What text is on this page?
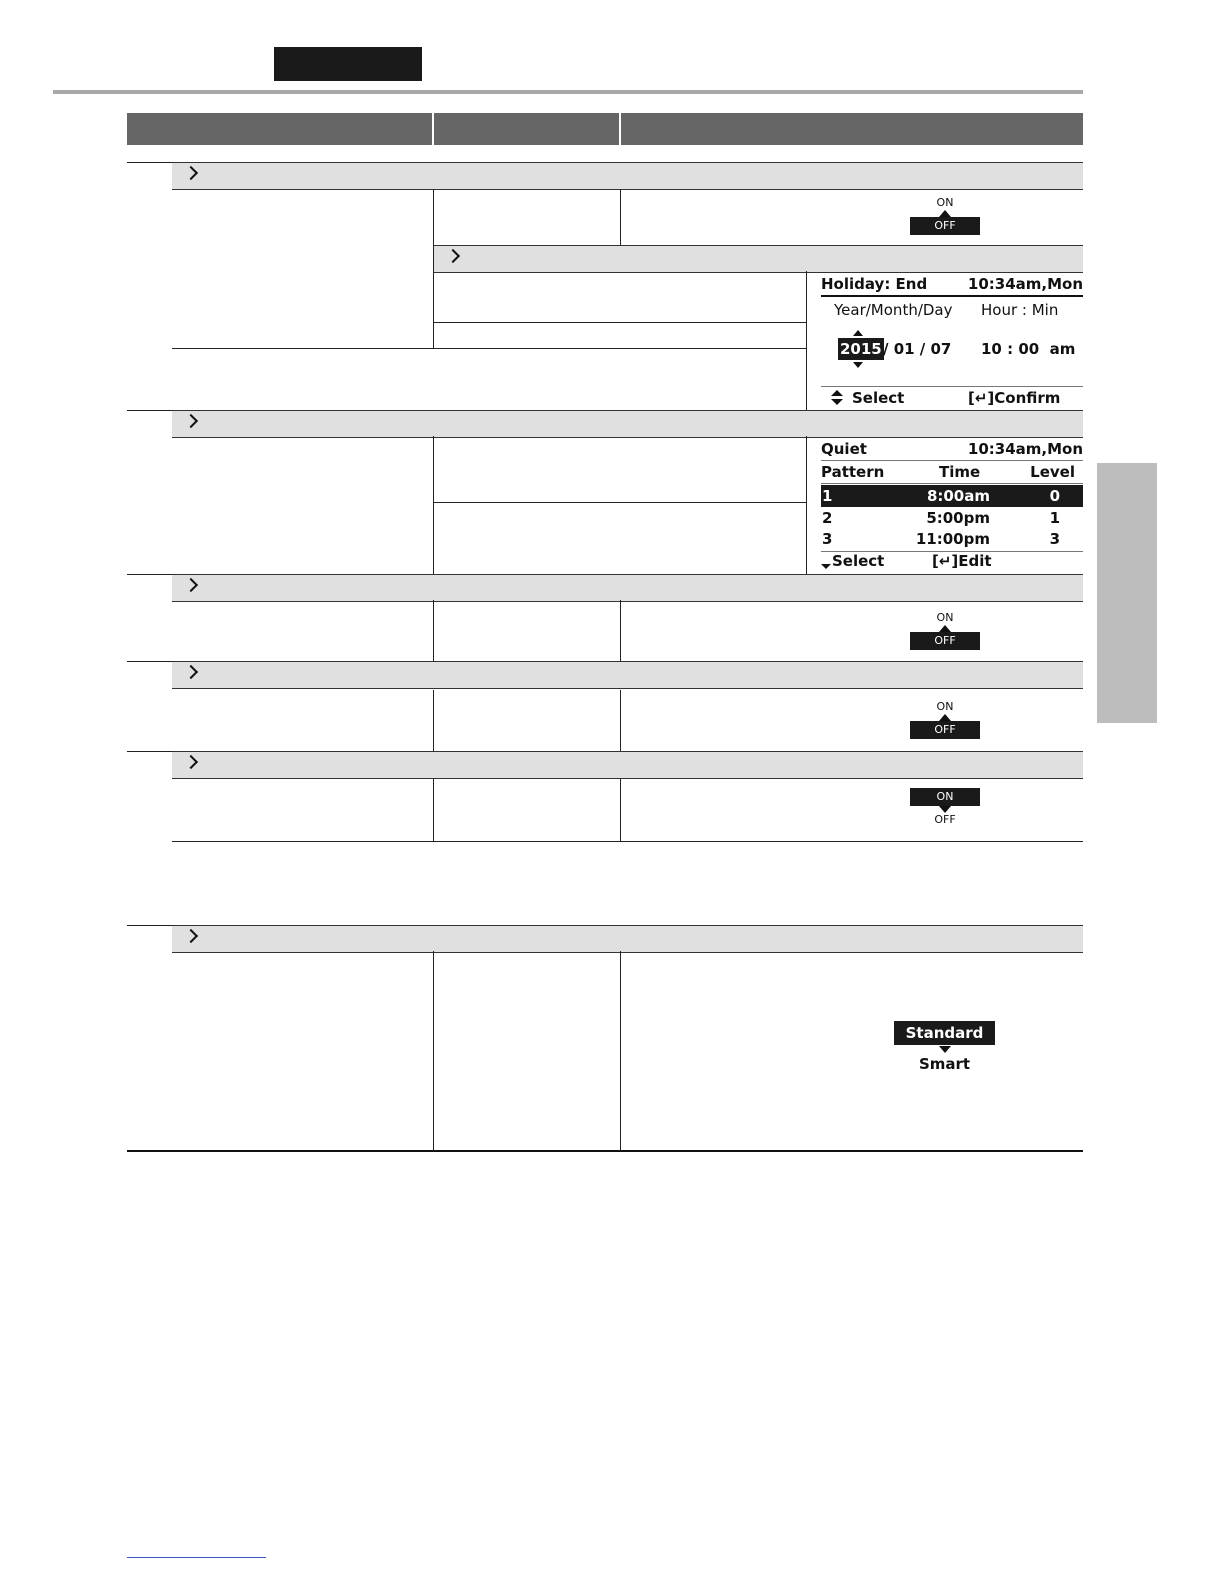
ON
OFF
Holiday: End	10:34am,Mon
Year/Month/Day Hour : Min
2015 / 01 / 07 10 : 00  am
Select	[↵]Confirm
Quiet	10:34am,Mon
Pattern	Time	Level
1	8:00am	0
2	5:00pm	1
3	11:00pm	3
Select	[↵]Edit
ON
OFF
ON
OFF
ON
OFF
Standard
Smart
